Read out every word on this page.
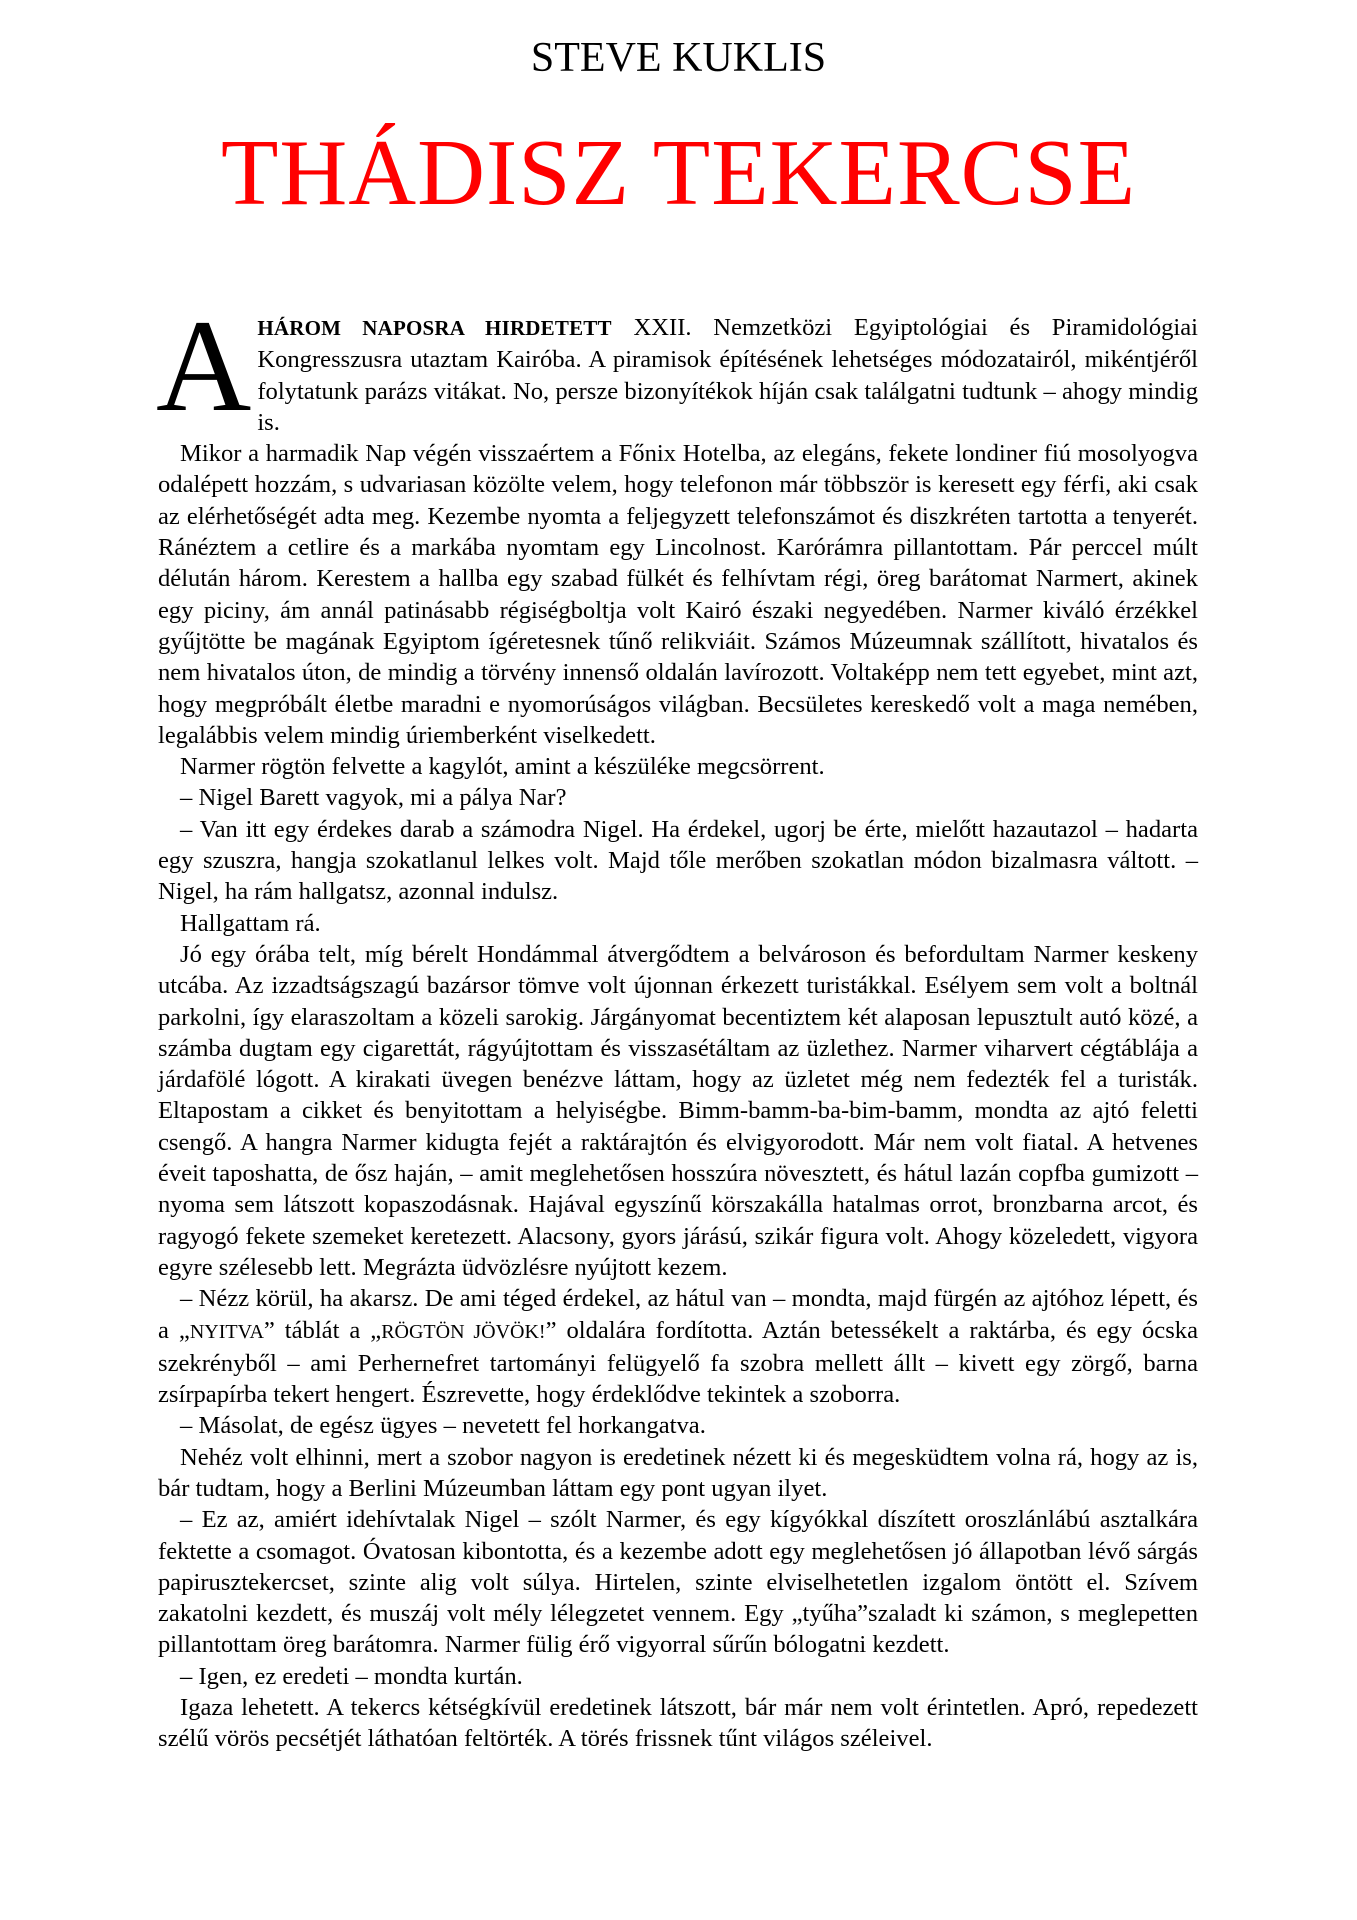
STEVE KUKLIS
THÁDISZ TEKERCSE

A HÁROM NAPOSRA HIRDETETT XXII. Nemzetközi Egyiptológiai és Piramidológiai Kongresszusra utaztam Kairóba. A piramisok építésének lehetséges módozatairól, mikéntjéről folytatunk parázs vitákat. No, persze bizonyítékok híján csak találgatni tudtunk – ahogy mindig is.

Mikor a harmadik Nap végén visszaértem a Főnix Hotelba, az elegáns, fekete londiner fiú mosolyogva odalépett hozzám, s udvariasan közölte velem, hogy telefonon már többször is keresett egy férfi, aki csak az elérhetőségét adta meg. Kezembe nyomta a feljegyzett telefonszámot és diszkréten tartotta a tenyerét. Ránéztem a cetlire és a markába nyomtam egy Lincolnost. Karórámra pillantottam. Pár perccel múlt délután három. Kerestem a hallba egy szabad fülkét és felhívtam régi, öreg barátomat Narmert, akinek egy piciny, ám annál patinásabb régiségboltja volt Kairó északi negyedében. Narmer kiváló érzékkel gyűjtötte be magának Egyiptom ígéretesnek tűnő relikviáit. Számos Múzeumnak szállított, hivatalos és nem hivatalos úton, de mindig a törvény innenső oldalán lavírozott. Voltaképp nem tett egyebet, mint azt, hogy megpróbált életbe maradni e nyomorúságos világban. Becsületes kereskedő volt a maga nemében, legalábbis velem mindig úriemberként viselkedett.

Narmer rögtön felvette a kagylót, amint a készüléke megcsörrent.

– Nigel Barett vagyok, mi a pálya Nar?

– Van itt egy érdekes darab a számodra Nigel. Ha érdekel, ugorj be érte, mielőtt hazautazol – hadarta egy szuszra, hangja szokatlanul lelkes volt. Majd tőle merőben szokatlan módon bizalmasra váltott. – Nigel, ha rám hallgatsz, azonnal indulsz.

Hallgattam rá.

Jó egy órába telt, míg bérelt Hondámmal átvergődtem a belvároson és befordultam Narmer keskeny utcába. Az izzadtságszagú bazársor tömve volt újonnan érkezett turistákkal. Esélyem sem volt a boltnál parkolni, így elaraszoltam a közeli sarokig. Járgányomat becentiztem két alaposan lepusztult autó közé, a számba dugtam egy cigarettát, rágyújtottam és visszasétáltam az üzlethez. Narmer viharvert cégtáblája a járdafölé lógott. A kirakati üvegen benézve láttam, hogy az üzletet még nem fedezték fel a turisták. Eltapostam a cikket és benyitottam a helyiségbe. Bimm-bamm-ba-bim-bamm, mondta az ajtó feletti csengő. A hangra Narmer kidugta fejét a raktárajtón és elvigyorodott. Már nem volt fiatal. A hetvenes éveit taposhatta, de ősz haján, – amit meglehetősen hosszúra növesztett, és hátul lazán copfba gumizott – nyoma sem látszott kopaszodásnak. Hajával egyszínű körszakálla hatalmas orrot, bronzbarna arcot, és ragyogó fekete szemeket keretezett. Alacsony, gyors járású, szikár figura volt. Ahogy közeledett, vigyora egyre szélesebb lett. Megrázta üdvözlésre nyújtott kezem.

– Nézz körül, ha akarsz. De ami téged érdekel, az hátul van – mondta, majd fürgén az ajtóhoz lépett, és a „NYITVA” táblát a „RÖGTÖN JÖVÖK!” oldalára fordította. Aztán betessékelt a raktárba, és egy ócska szekrényből – ami Perhernefret tartományi felügyelő fa szobra mellett állt – kivett egy zörgő, barna zsírpapírba tekert hengert. Észrevette, hogy érdeklődve tekintek a szoborra.

– Másolat, de egész ügyes – nevetett fel horkangatva.

Nehéz volt elhinni, mert a szobor nagyon is eredetinek nézett ki és megesküdtem volna rá, hogy az is, bár tudtam, hogy a Berlini Múzeumban láttam egy pont ugyan ilyet.

– Ez az, amiért idehívtalak Nigel – szólt Narmer, és egy kígyókkal díszített oroszlánlábú asztalkára fektette a csomagot. Óvatosan kibontotta, és a kezembe adott egy meglehetősen jó állapotban lévő sárgás papirusztekercset, szinte alig volt súlya. Hirtelen, szinte elviselhetetlen izgalom öntött el. Szívem zakatolni kezdett, és muszáj volt mély lélegzetet vennem. Egy „tyűha”szaladt ki számon, s meglepetten pillantottam öreg barátomra. Narmer fülig érő vigyorral sűrűn bólogatni kezdett.

– Igen, ez eredeti – mondta kurtán.

Igaza lehetett. A tekercs kétségkívül eredetinek látszott, bár már nem volt érintetlen. Apró, repedezett szélű vörös pecsétjét láthatóan feltörték. A törés frissnek tűnt világos széleivel.
